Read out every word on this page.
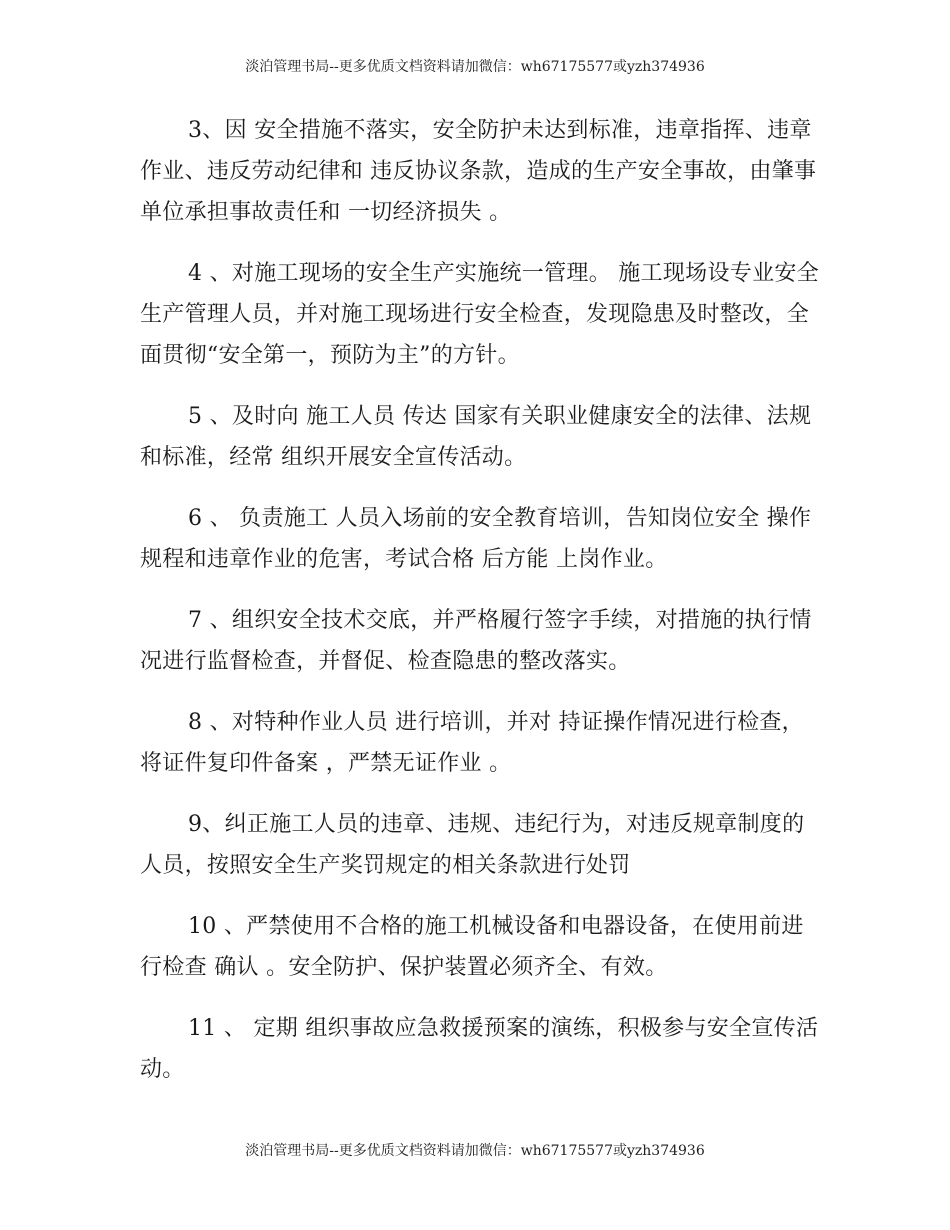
淡泊管理书局--更多优质文档资料请加微信：wh67175577或yzh374936

3、因 安全措施不落实，安全防护未达到标准，违章指挥、违章作业、违反劳动纪律和 违反协议条款，造成的生产安全事故，由肇事单位承担事故责任和 一切经济损失 。

4 、对施工现场的安全生产实施统一管理。 施工现场设专业安全生产管理人员，并对施工现场进行安全检查，发现隐患及时整改，全面贯彻“安全第一，预防为主”的方针。

5 、及时向 施工人员 传达 国家有关职业健康安全的法律、法规和标准，经常 组织开展安全宣传活动。

6 、 负责施工 人员入场前的安全教育培训，告知岗位安全 操作规程和违章作业的危害，考试合格 后方能 上岗作业。

7 、组织安全技术交底，并严格履行签字手续，对措施的执行情况进行监督检查，并督促、检查隐患的整改落实。

8 、对特种作业人员 进行培训，并对 持证操作情况进行检查，将证件复印件备案 ，严禁无证作业 。

9、纠正施工人员的违章、违规、违纪行为，对违反规章制度的人员，按照安全生产奖罚规定的相关条款进行处罚

10 、严禁使用不合格的施工机械设备和电器设备，在使用前进行检查 确认 。安全防护、保护装置必须齐全、有效。

11 、 定期 组织事故应急救援预案的演练，积极参与安全宣传活动。

淡泊管理书局--更多优质文档资料请加微信：wh67175577或yzh374936
